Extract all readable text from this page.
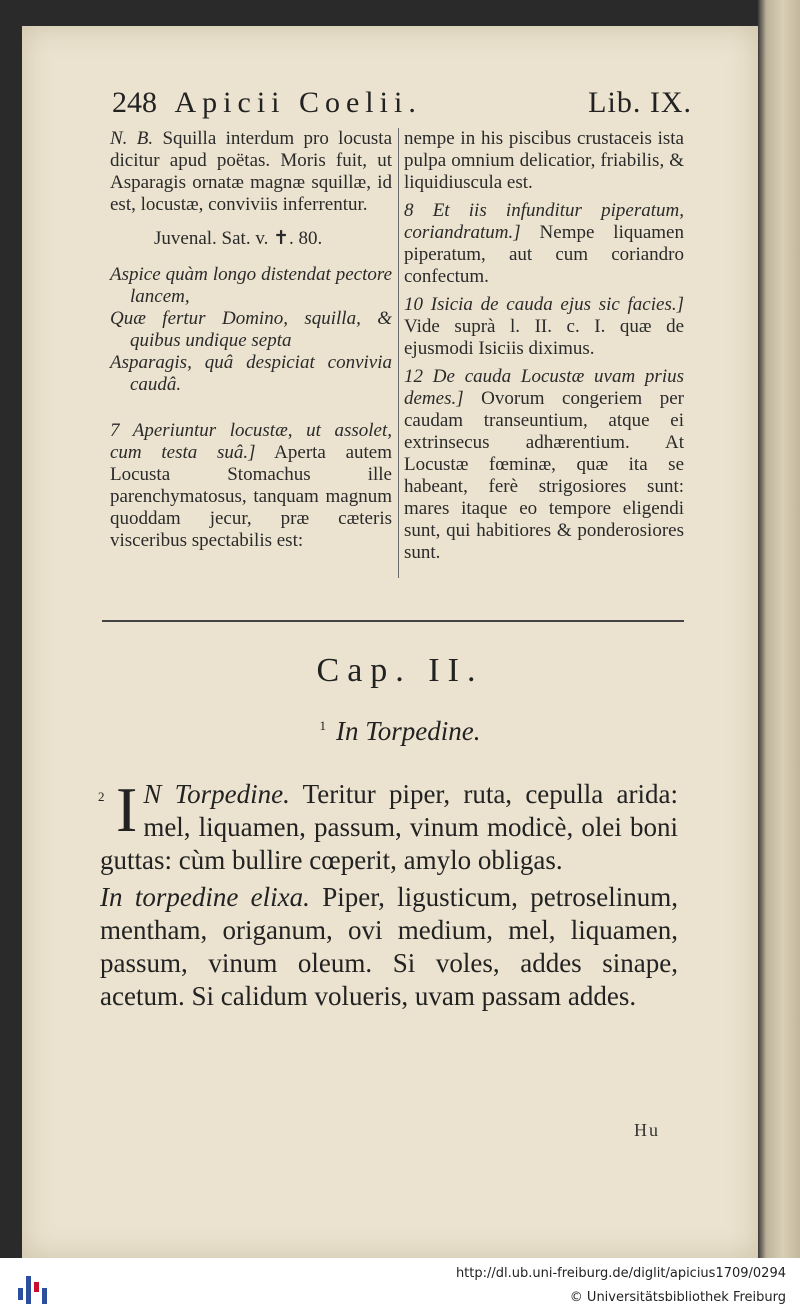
248 Apicii Coelii.	Lib. IX.

N. B. Squilla interdum pro locusta dicitur apud poëtas. Moris fuit, ut Asparagis ornatæ magnæ squillæ, id est, locustæ, conviviis inferrentur.

Juvenal. Sat. v. ✝. 80.

Aspice quàm longo distendat pectore lancem,

Quæ fertur Domino, squilla, & quibus undique septa

Asparagis, quâ despiciat convivia caudâ.

7 Aperiuntur locustæ, ut assolet, cum testa suâ.] Aperta autem Locusta Stomachus ille parenchymatosus, tanquam magnum quoddam jecur, præ cæteris visceribus spectabilis est:

nempe in his piscibus crustaceis ista pulpa omnium delicatior, friabilis, & liquidiuscula est.

8 Et iis infunditur piperatum, coriandratum.] Nempe liquamen piperatum, aut cum coriandro confectum.

10 Isicia de cauda ejus sic facies.] Vide suprà l. II. c. I. quæ de ejusmodi Isiciis diximus.

12 De cauda Locustæ uvam prius demes.] Ovorum congeriem per caudam transeuntium, atque ei extrinsecus adhærentium. At Locustæ fœminæ, quæ ita se habeant, ferè strigosiores sunt: mares itaque eo tempore eligendi sunt, qui habitiores & ponderosiores sunt.

Cap. II.
$^1$ In Torpedine.

2 I N Torpedine. Teritur piper, ruta, cepulla arida: mel, liquamen, passum, vinum modicè, olei boni guttas: cùm bullire cœperit, amylo obligas.

In torpedine elixa. Piper, ligusticum, petroselinum, mentham, origanum, ovi medium, mel, liquamen, passum, vinum oleum. Si voles, addes sinape, acetum. Si calidum volueris, uvam passam addes.

Hu
http://dl.ub.uni-freiburg.de/diglit/apicius1709/0294
© Universitätsbibliothek Freiburg
